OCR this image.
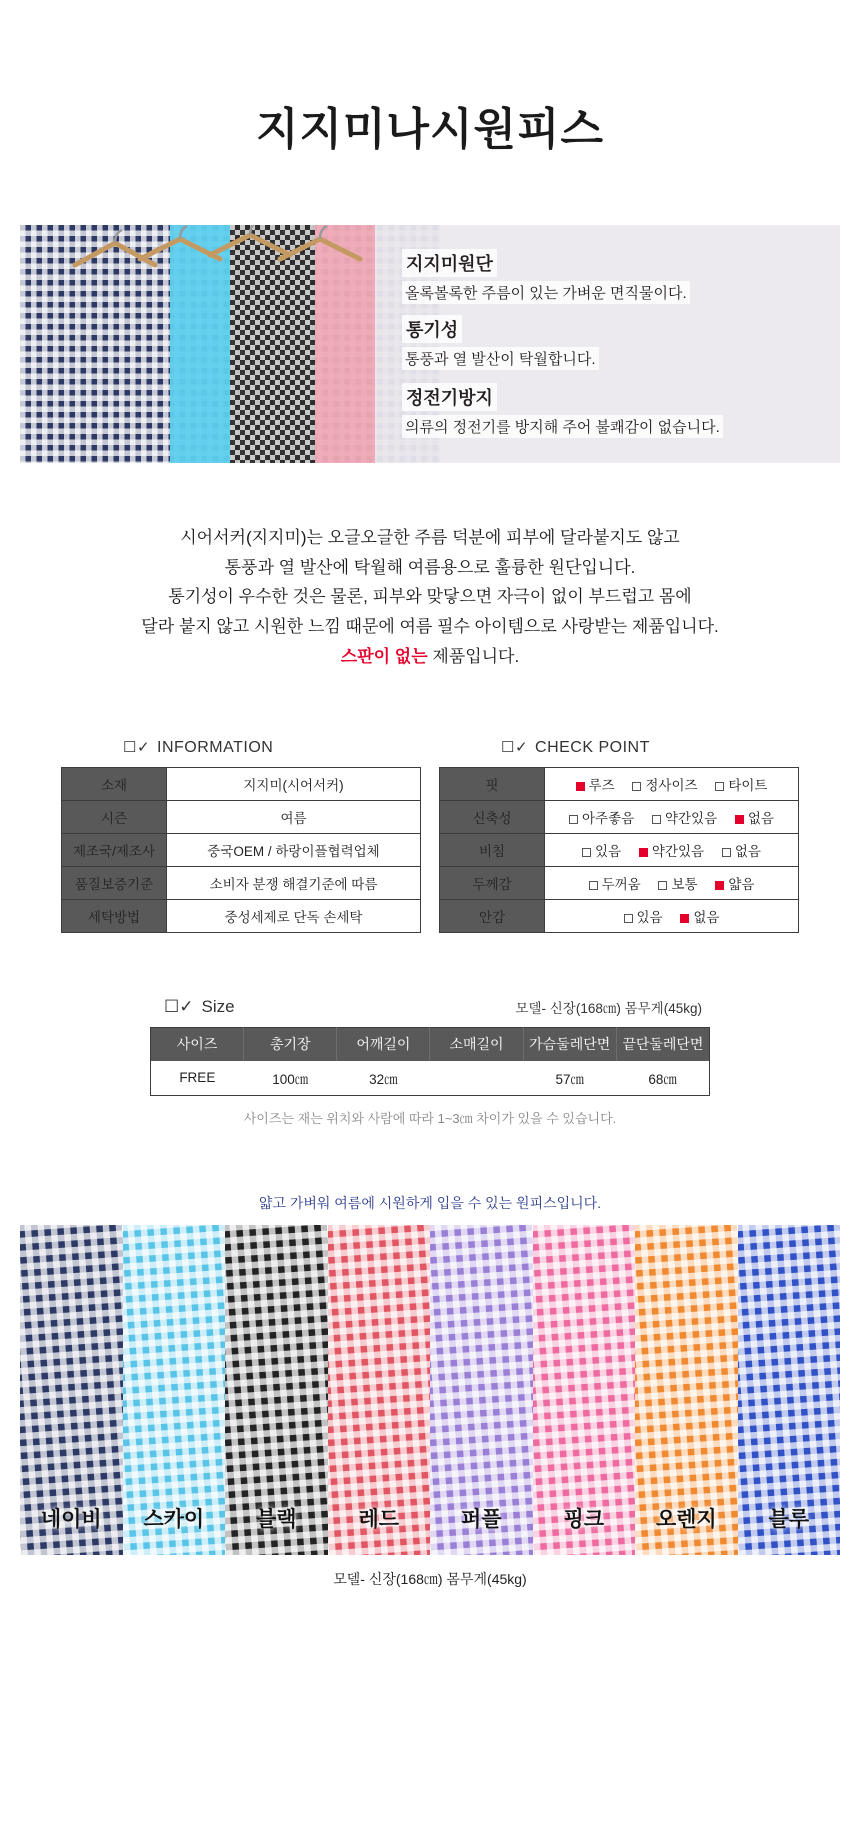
지지미나시원피스
지지미원단
올록볼록한 주름이 있는 가벼운 면직물이다.
통기성
통풍과 열 발산이 탁월합니다.
정전기방지
의류의 정전기를 방지해 주어 불쾌감이 없습니다.
시어서커(지지미)는 오글오글한 주름 덕분에 피부에 달라붙지도 않고
통풍과 열 발산에 탁월해 여름용으로 훌륭한 원단입니다.
통기성이 우수한 것은 물론, 피부와 맞닿으면 자극이 없이 부드럽고 몸에
달라 붙지 않고 시원한 느낌 때문에 여름 필수 아이템으로 사랑받는 제품입니다.
스판이 없는 제품입니다.
☐✓ INFORMATION
소재	지지미(시어서커)
시즌	여름
제조국/제조사	중국OEM / 하랑이플협력업체
품질보증기준	소비자 분쟁 해결기준에 따름
세탁방법	중성세제로 단독 손세탁
☐✓ CHECK POINT
핏	루즈 정사이즈 타이트
신축성	아주좋음 약간있음 없음
비침	있음 약간있음 없음
두께감	두꺼움 보통 얇음
안감	있음 없음
☐✓ Size	모델- 신장(168㎝) 몸무게(45kg)
사이즈	총기장	어깨길이	소매길이	가슴둘레단면	끝단둘레단면
FREE	100㎝	32㎝		57㎝	68㎝
사이즈는 재는 위치와 사람에 따라 1~3㎝ 차이가 있을 수 있습니다.
얇고 가벼워 여름에 시원하게 입을 수 있는 원피스입니다.
네이비	스카이	블랙	레드	퍼플	핑크	오렌지	블루
모델- 신장(168㎝) 몸무게(45kg)
